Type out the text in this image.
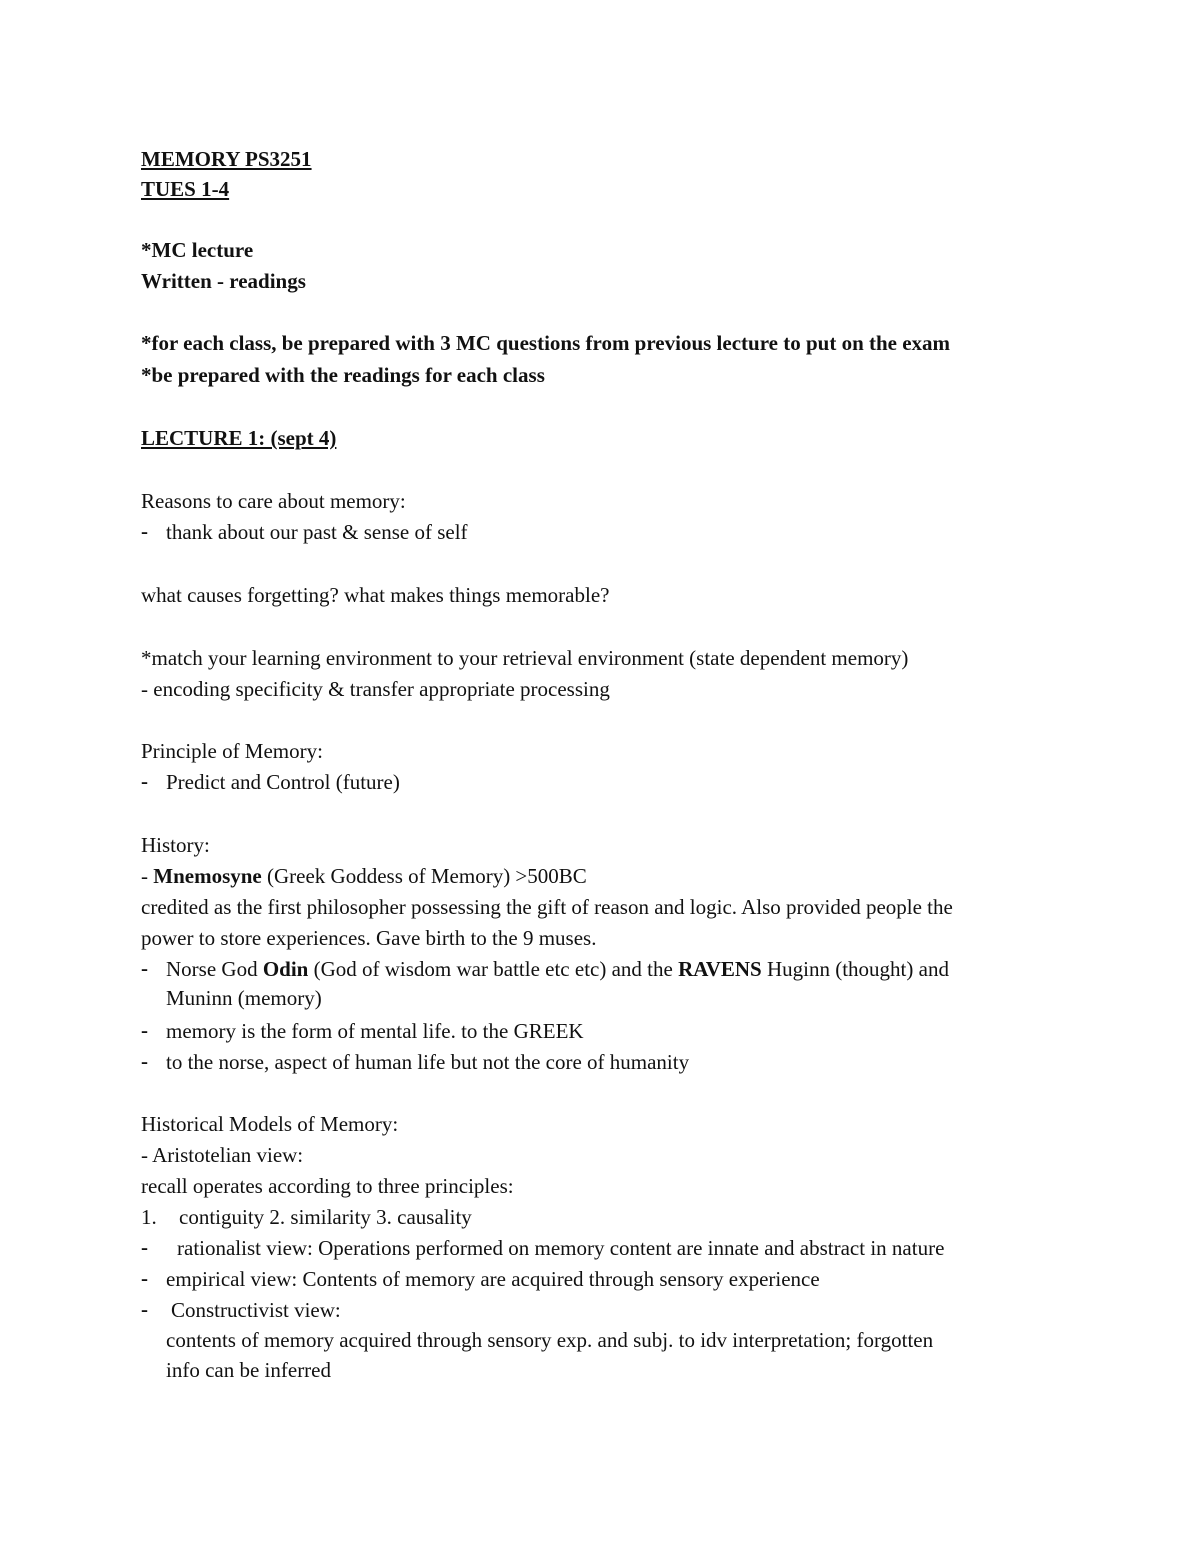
MEMORY PS3251
TUES 1-4
*MC lecture
Written - readings
*for each class, be prepared with 3 MC questions from previous lecture to put on the exam
*be prepared with the readings for each class
LECTURE 1: (sept 4)
Reasons to care about memory:
- thank about our past & sense of self
what causes forgetting? what makes things memorable?
*match your learning environment to your retrieval environment (state dependent memory)
- encoding specificity & transfer appropriate processing
Principle of Memory:
- Predict and Control (future)
History:
- Mnemosyne (Greek Goddess of Memory) >500BC
credited as the first philosopher possessing the gift of reason and logic. Also provided people the
power to store experiences. Gave birth to the 9 muses.
- Norse God Odin (God of wisdom war battle etc etc) and the RAVENS Huginn (thought) and
Muninn (memory)
- memory is the form of mental life. to the GREEK
- to the norse, aspect of human life but not the core of humanity
Historical Models of Memory:
- Aristotelian view:
recall operates according to three principles:
1. contiguity 2. similarity 3. causality
- rationalist view: Operations performed on memory content are innate and abstract in nature
- empirical view: Contents of memory are acquired through sensory experience
- Constructivist view:
contents of memory acquired through sensory exp. and subj. to idv interpretation; forgotten
info can be inferred
